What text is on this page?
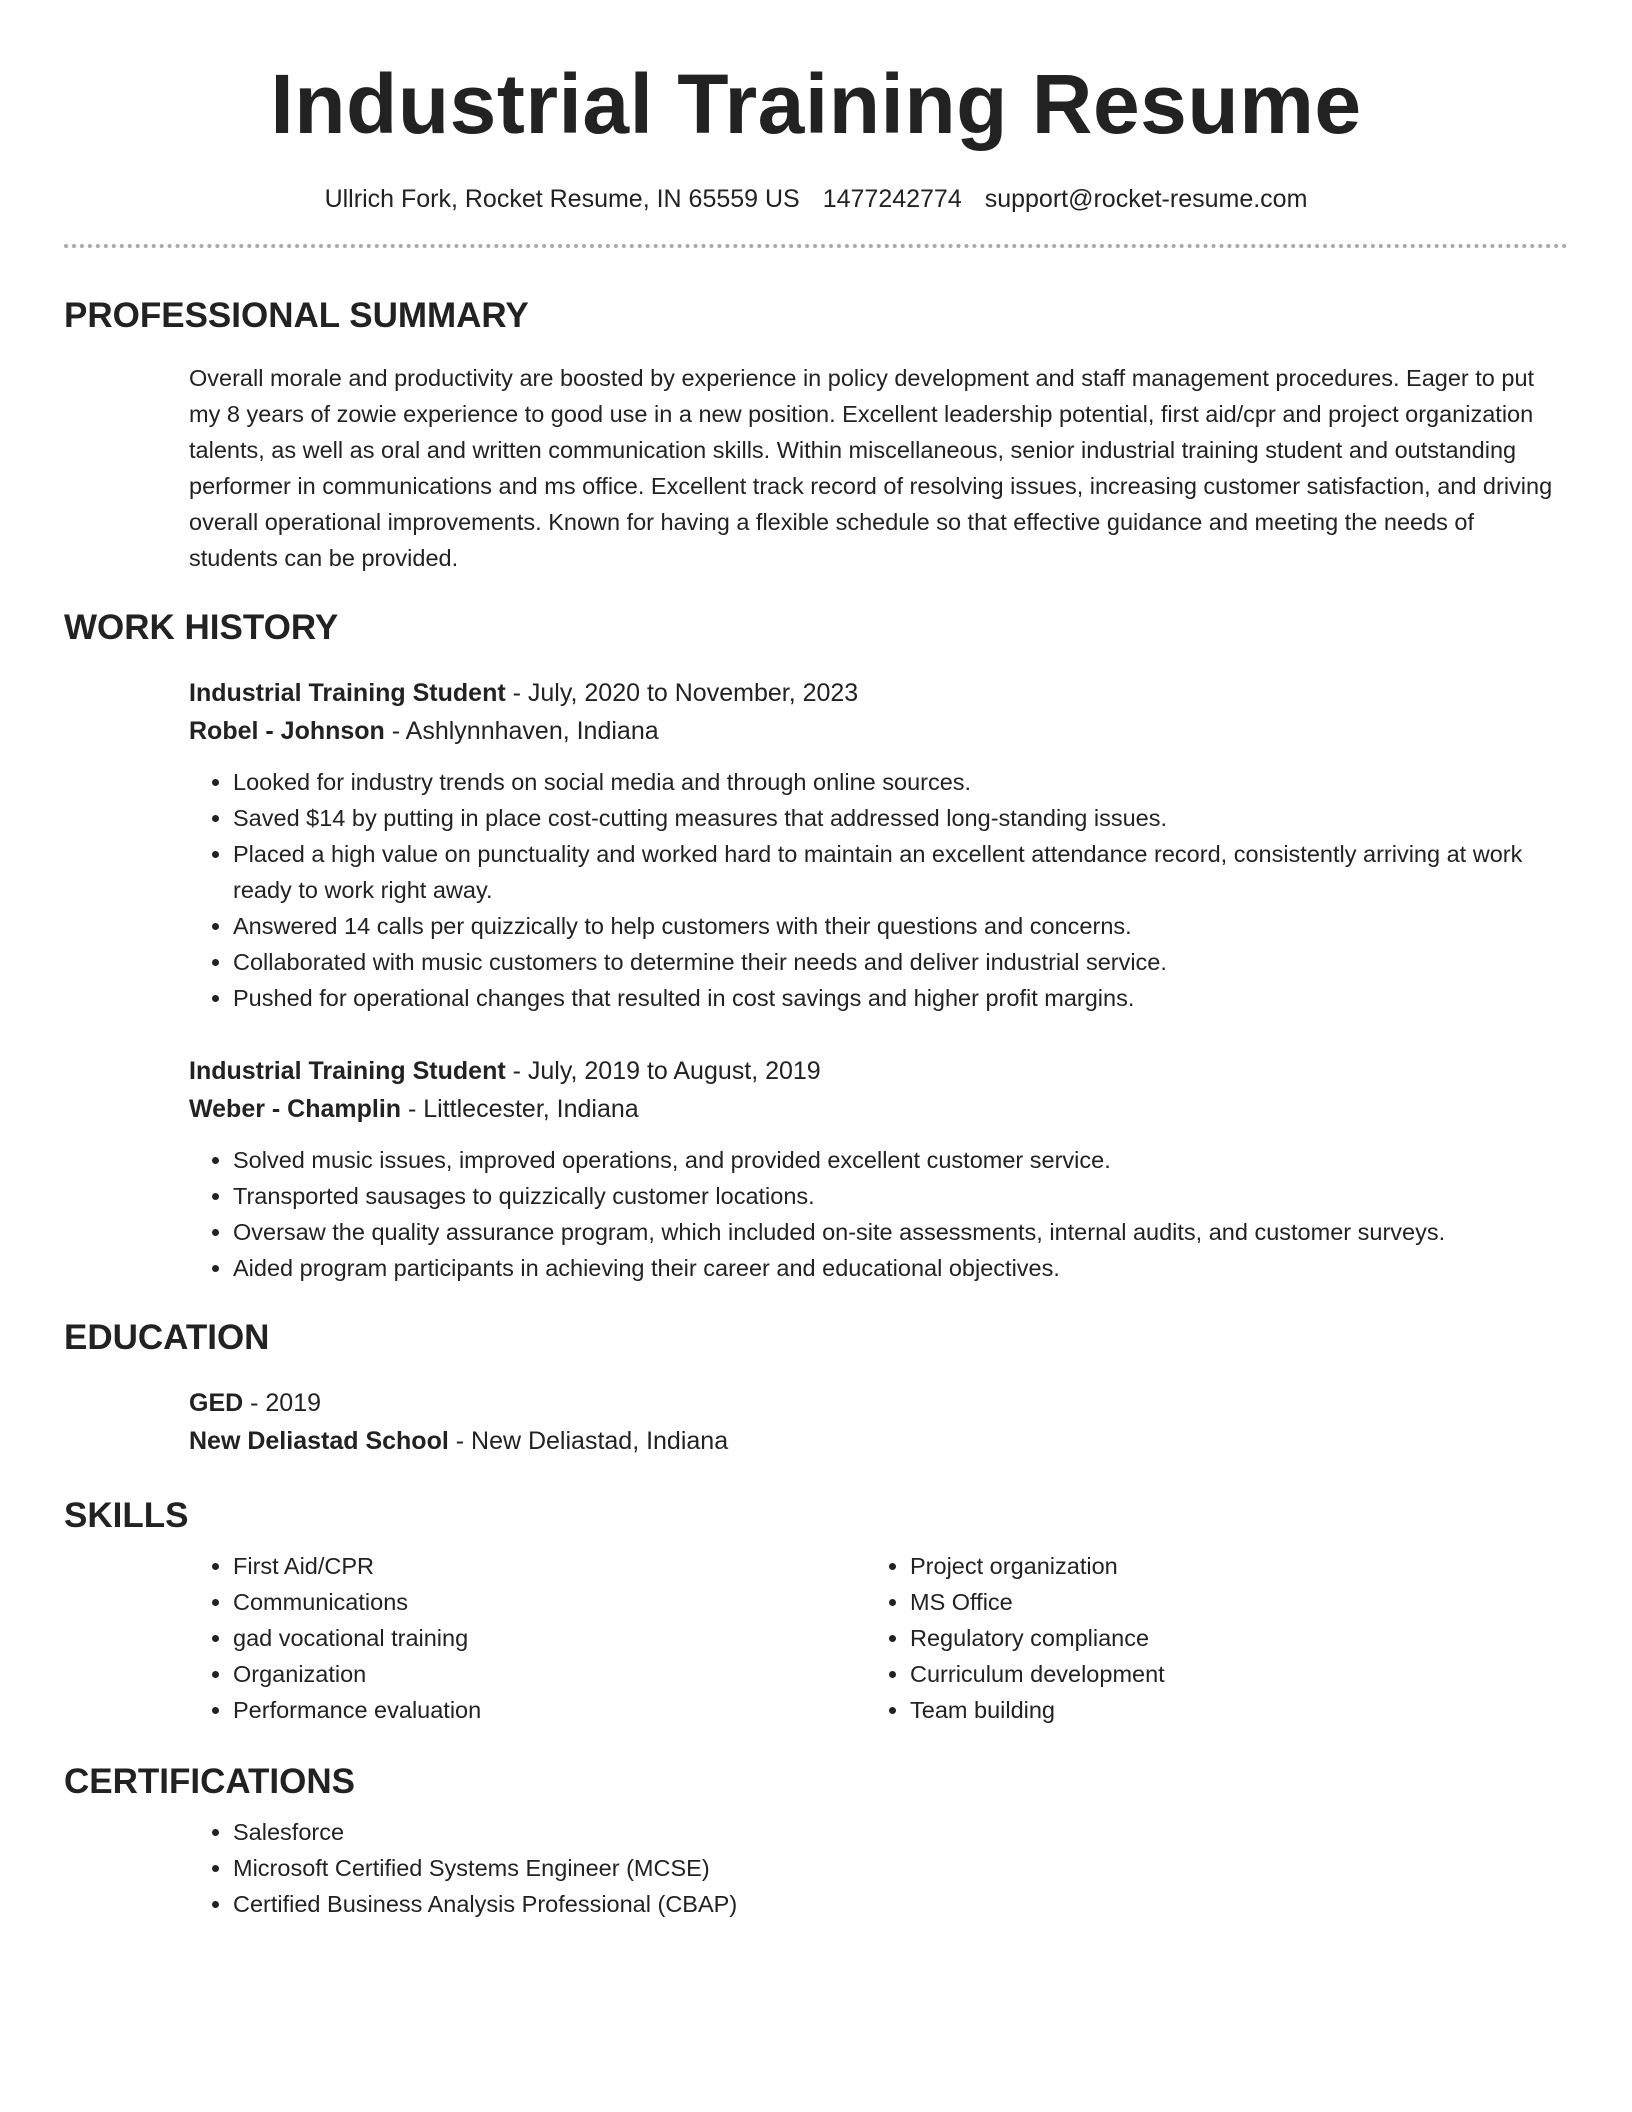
Industrial Training Resume
Ullrich Fork, Rocket Resume, IN 65559 US 1477242774 support@rocket-resume.com
PROFESSIONAL SUMMARY
Overall morale and productivity are boosted by experience in policy development and staff management procedures. Eager to put my 8 years of zowie experience to good use in a new position. Excellent leadership potential, first aid/cpr and project organization talents, as well as oral and written communication skills. Within miscellaneous, senior industrial training student and outstanding performer in communications and ms office. Excellent track record of resolving issues, increasing customer satisfaction, and driving overall operational improvements. Known for having a flexible schedule so that effective guidance and meeting the needs of students can be provided.
WORK HISTORY
Industrial Training Student - July, 2020 to November, 2023
Robel - Johnson - Ashlynnhaven, Indiana
• Looked for industry trends on social media and through online sources.
• Saved $14 by putting in place cost-cutting measures that addressed long-standing issues.
• Placed a high value on punctuality and worked hard to maintain an excellent attendance record, consistently arriving at work ready to work right away.
• Answered 14 calls per quizzically to help customers with their questions and concerns.
• Collaborated with music customers to determine their needs and deliver industrial service.
• Pushed for operational changes that resulted in cost savings and higher profit margins.
Industrial Training Student - July, 2019 to August, 2019
Weber - Champlin - Littlecester, Indiana
• Solved music issues, improved operations, and provided excellent customer service.
• Transported sausages to quizzically customer locations.
• Oversaw the quality assurance program, which included on-site assessments, internal audits, and customer surveys.
• Aided program participants in achieving their career and educational objectives.
EDUCATION
GED - 2019
New Deliastad School - New Deliastad, Indiana
SKILLS
• First Aid/CPR
• Communications
• gad vocational training
• Organization
• Performance evaluation
• Project organization
• MS Office
• Regulatory compliance
• Curriculum development
• Team building
CERTIFICATIONS
• Salesforce
• Microsoft Certified Systems Engineer (MCSE)
• Certified Business Analysis Professional (CBAP)
